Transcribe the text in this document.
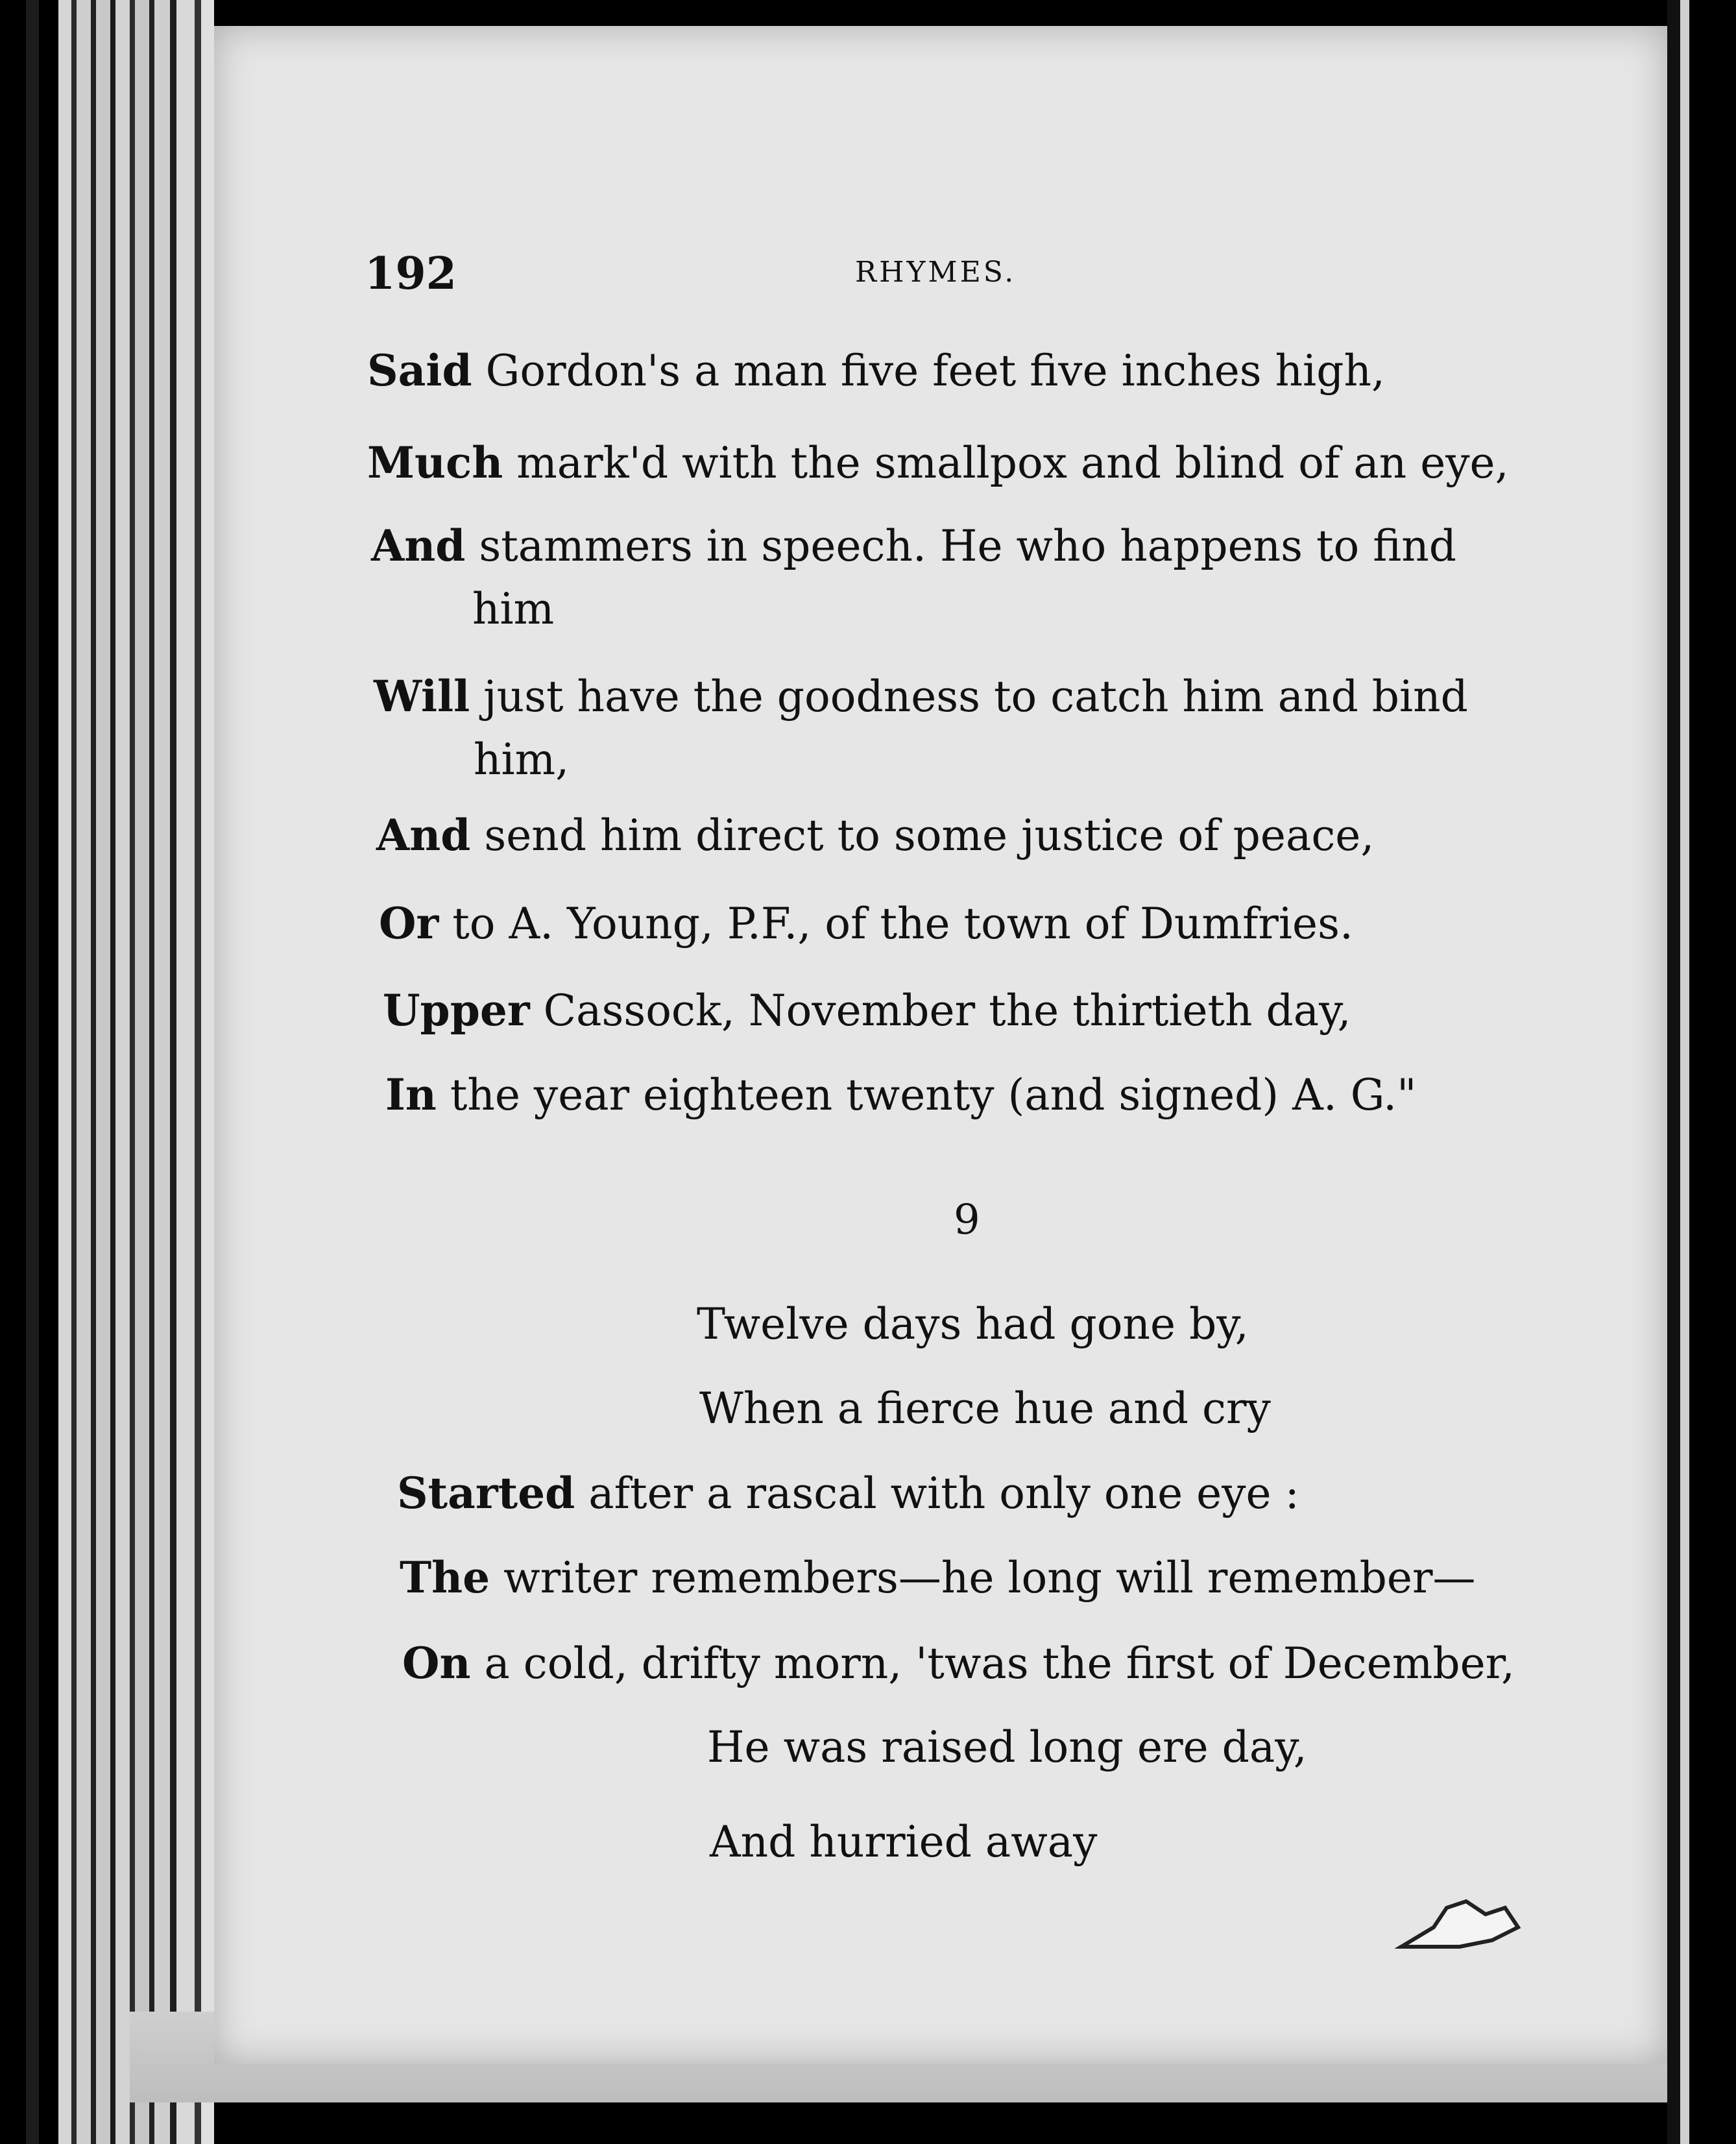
192	RHYMES.
Said Gordon's a man five feet five inches high,
Much mark'd with the smallpox and blind of an eye,
And stammers in speech. He who happens to find
him
Will just have the goodness to catch him and bind
him,
And send him direct to some justice of peace,
Or to A. Young, P.F., of the town of Dumfries.
Upper Cassock, November the thirtieth day,
In the year eighteen twenty (and signed) A. G."
9
Twelve days had gone by,
When a fierce hue and cry
Started after a rascal with only one eye :
The writer remembers—he long will remember—
On a cold, drifty morn, 'twas the first of December,
He was raised long ere day,
And hurried away
